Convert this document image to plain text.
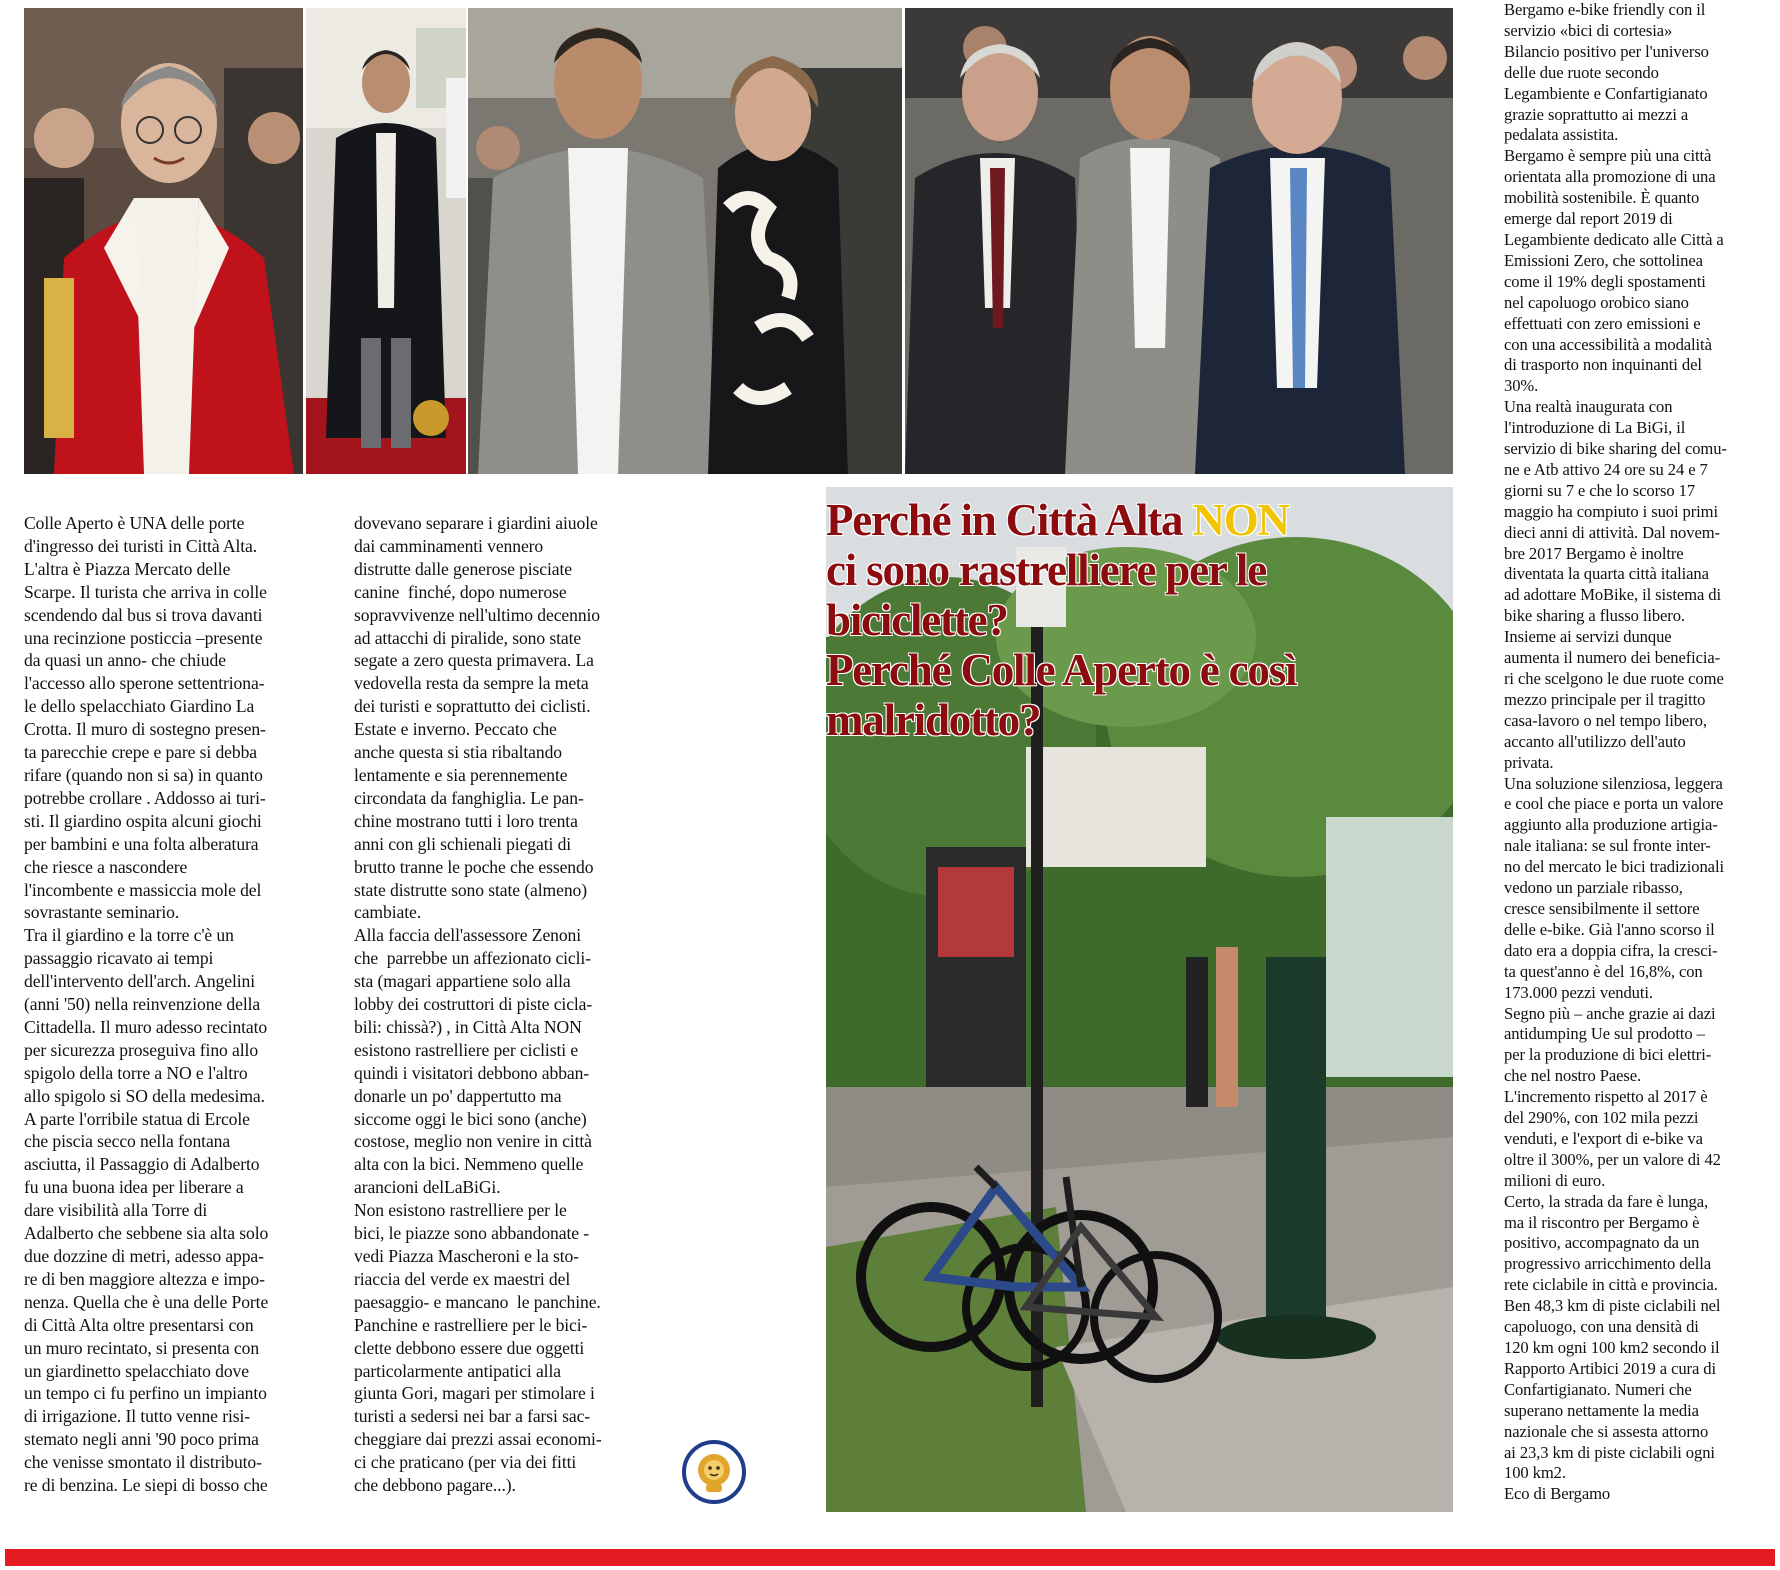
Perché in Città Alta NON
ci sono rastrelliere per le biciclette?
Perché Colle Aperto è così malridotto?
Colle Aperto è UNA delle porte
d'ingresso dei turisti in Città Alta.
L'altra è Piazza Mercato delle
Scarpe. Il turista che arriva in colle
scendendo dal bus si trova davanti
una recinzione posticcia –presente
da quasi un anno- che chiude
l'accesso allo sperone settentriona-
le dello spelacchiato Giardino La
Crotta. Il muro di sostegno presen-
ta parecchie crepe e pare si debba
rifare (quando non si sa) in quanto
potrebbe crollare . Addosso ai turi-
sti. Il giardino ospita alcuni giochi
per bambini e una folta alberatura
che riesce a nascondere
l'incombente e massiccia mole del
sovrastante seminario.
Tra il giardino e la torre c'è un
passaggio ricavato ai tempi
dell'intervento dell'arch. Angelini
(anni '50) nella reinvenzione della
Cittadella. Il muro adesso recintato
per sicurezza proseguiva fino allo
spigolo della torre a NO e l'altro
allo spigolo si SO della medesima.
A parte l'orribile statua di Ercole
che piscia secco nella fontana
asciutta, il Passaggio di Adalberto
fu una buona idea per liberare a
dare visibilità alla Torre di
Adalberto che sebbene sia alta solo
due dozzine di metri, adesso appa-
re di ben maggiore altezza e impo-
nenza. Quella che è una delle Porte
di Città Alta oltre presentarsi con
un muro recintato, si presenta con
un giardinetto spelacchiato dove
un tempo ci fu perfino un impianto
di irrigazione. Il tutto venne risi-
stemato negli anni '90 poco prima
che venisse smontato il distributo-
re di benzina. Le siepi di bosso che
dovevano separare i giardini aiuole
dai camminamenti vennero
distrutte dalle generose pisciate
canine  finché, dopo numerose
sopravvivenze nell'ultimo decennio
ad attacchi di piralide, sono state
segate a zero questa primavera. La
vedovella resta da sempre la meta
dei turisti e soprattutto dei ciclisti.
Estate e inverno. Peccato che
anche questa si stia ribaltando
lentamente e sia perennemente
circondata da fanghiglia. Le pan-
chine mostrano tutti i loro trenta
anni con gli schienali piegati di
brutto tranne le poche che essendo
state distrutte sono state (almeno)
cambiate.
Alla faccia dell'assessore Zenoni
che  parrebbe un affezionato cicli-
sta (magari appartiene solo alla
lobby dei costruttori di piste cicla-
bili: chissà?) , in Città Alta NON
esistono rastrelliere per ciclisti e
quindi i visitatori debbono abban-
donarle un po' dappertutto ma
siccome oggi le bici sono (anche)
costose, meglio non venire in città
alta con la bici. Nemmeno quelle
arancioni delLaBiGi.
Non esistono rastrelliere per le
bici, le piazze sono abbandonate -
vedi Piazza Mascheroni e la sto-
riaccia del verde ex maestri del
paesaggio- e mancano  le panchine.
Panchine e rastrelliere per le bici-
clette debbono essere due oggetti
particolarmente antipatici alla
giunta Gori, magari per stimolare i
turisti a sedersi nei bar a farsi sac-
cheggiare dai prezzi assai economi-
ci che praticano (per via dei fitti
che debbono pagare...).
Bergamo e-bike friendly con il
servizio «bici di cortesia»
Bilancio positivo per l'universo
delle due ruote secondo
Legambiente e Confartigianato
grazie soprattutto ai mezzi a
pedalata assistita.
Bergamo è sempre più una città
orientata alla promozione di una
mobilità sostenibile. È quanto
emerge dal report 2019 di
Legambiente dedicato alle Città a
Emissioni Zero, che sottolinea
come il 19% degli spostamenti
nel capoluogo orobico siano
effettuati con zero emissioni e
con una accessibilità a modalità
di trasporto non inquinanti del
30%.
Una realtà inaugurata con
l'introduzione di La BiGi, il
servizio di bike sharing del comu-
ne e Atb attivo 24 ore su 24 e 7
giorni su 7 e che lo scorso 17
maggio ha compiuto i suoi primi
dieci anni di attività. Dal novem-
bre 2017 Bergamo è inoltre
diventata la quarta città italiana
ad adottare MoBike, il sistema di
bike sharing a flusso libero.
Insieme ai servizi dunque
aumenta il numero dei beneficia-
ri che scelgono le due ruote come
mezzo principale per il tragitto
casa-lavoro o nel tempo libero,
accanto all'utilizzo dell'auto
privata.
Una soluzione silenziosa, leggera
e cool che piace e porta un valore
aggiunto alla produzione artigia-
nale italiana: se sul fronte inter-
no del mercato le bici tradizionali
vedono un parziale ribasso,
cresce sensibilmente il settore
delle e-bike. Già l'anno scorso il
dato era a doppia cifra, la cresci-
ta quest'anno è del 16,8%, con
173.000 pezzi venduti.
Segno più – anche grazie ai dazi
antidumping Ue sul prodotto –
per la produzione di bici elettri-
che nel nostro Paese.
L'incremento rispetto al 2017 è
del 290%, con 102 mila pezzi
venduti, e l'export di e-bike va
oltre il 300%, per un valore di 42
milioni di euro.
Certo, la strada da fare è lunga,
ma il riscontro per Bergamo è
positivo, accompagnato da un
progressivo arricchimento della
rete ciclabile in città e provincia.
Ben 48,3 km di piste ciclabili nel
capoluogo, con una densità di
120 km ogni 100 km2 secondo il
Rapporto Artibici 2019 a cura di
Confartigianato. Numeri che
superano nettamente la media
nazionale che si assesta attorno
ai 23,3 km di piste ciclabili ogni
100 km2.
Eco di Bergamo
